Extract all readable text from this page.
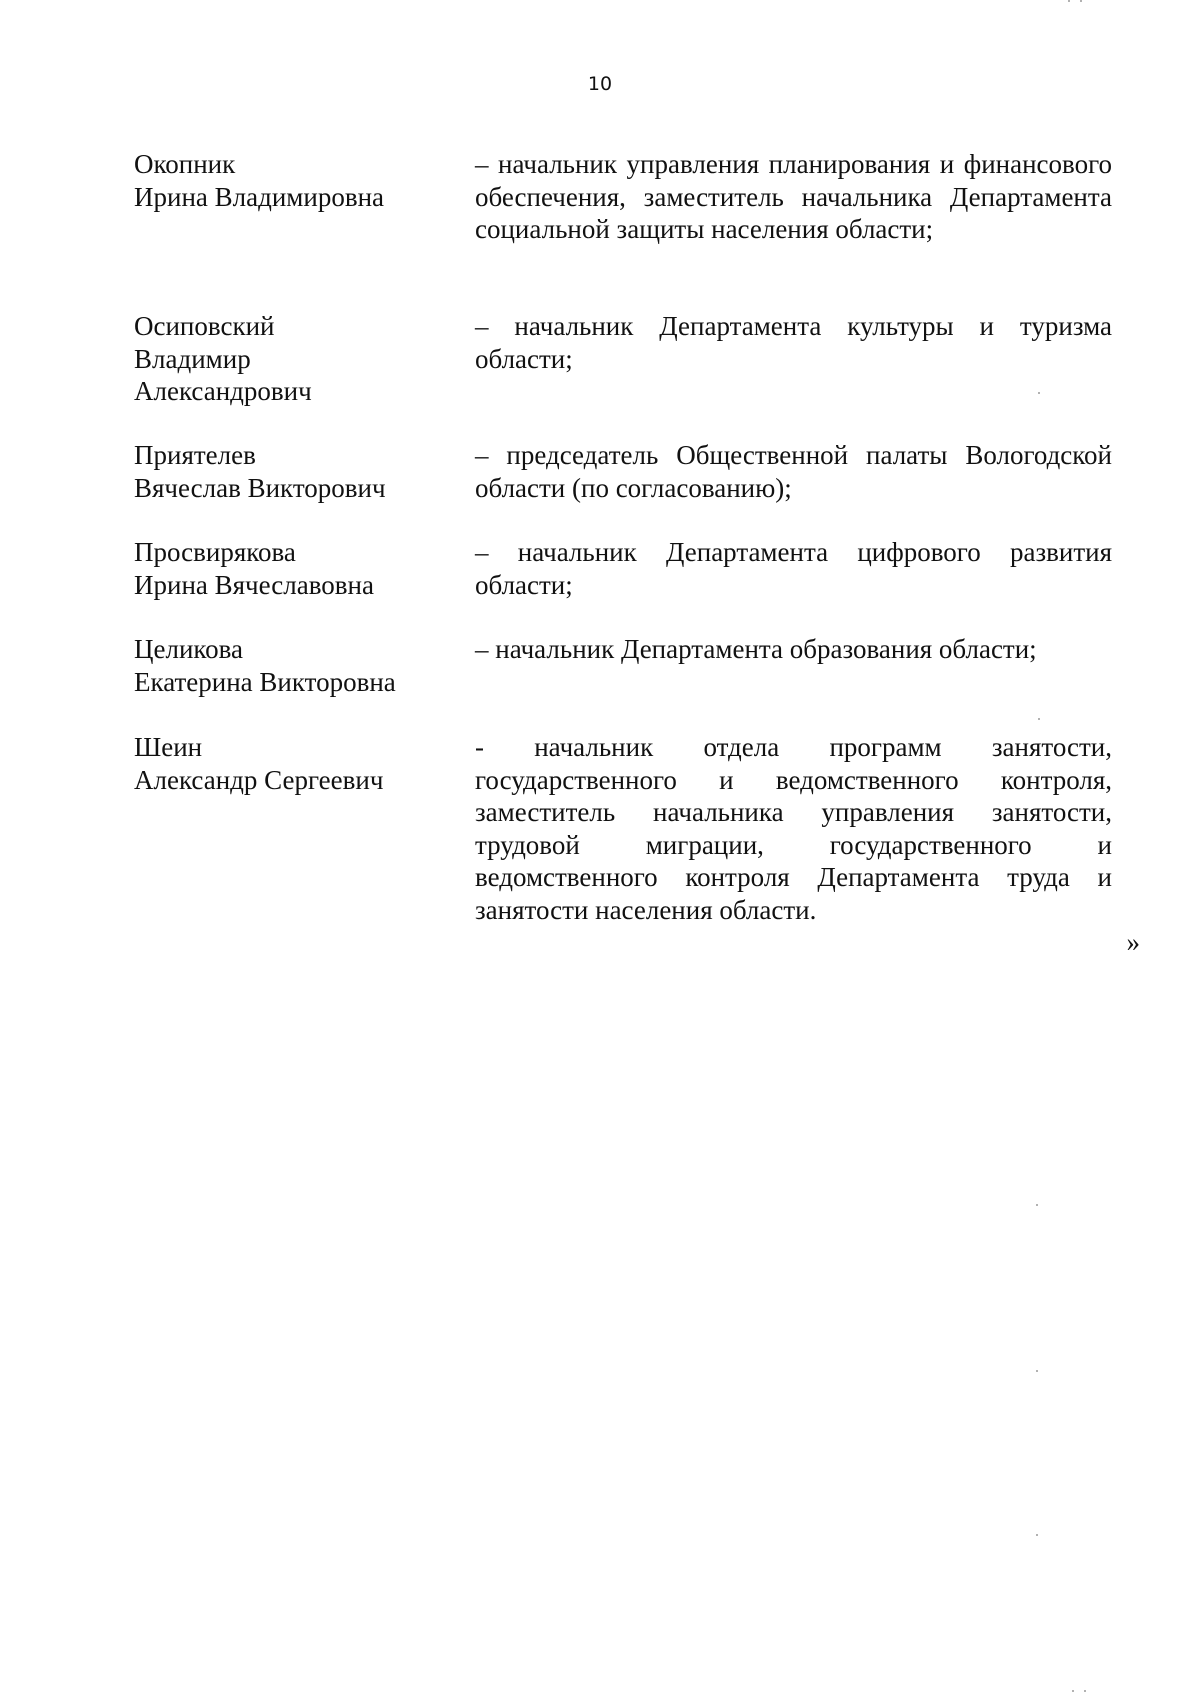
10
Окопник
Ирина Владимировна
– начальник управления планирования и финансового обеспечения, заместитель начальника Департамента социальной защиты населения области;
Осиповский
Владимир
Александрович
– начальник Департамента культуры и туризма области;
Приятелев
Вячеслав Викторович
– председатель Общественной палаты Вологодской области (по согласованию);
Просвирякова
Ирина Вячеславовна
– начальник Департамента цифрового развития области;
Целикова
Екатерина Викторовна
– начальник Департамента образования области;
Шеин
Александр Сергеевич
- начальник отдела программ занятости, государственного и ведомственного контроля, заместитель начальника управления занятости, трудовой миграции, государственного и ведомственного контроля Департамента труда и занятости населения области.
»
